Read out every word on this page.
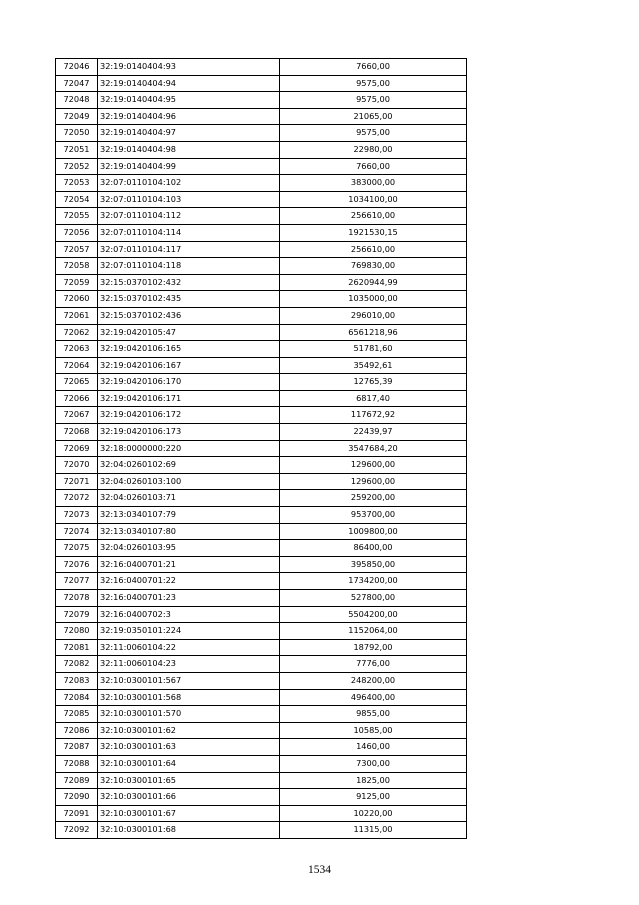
72046	32:19:0140404:93	7660,00
72047	32:19:0140404:94	9575,00
72048	32:19:0140404:95	9575,00
72049	32:19:0140404:96	21065,00
72050	32:19:0140404:97	9575,00
72051	32:19:0140404:98	22980,00
72052	32:19:0140404:99	7660,00
72053	32:07:0110104:102	383000,00
72054	32:07:0110104:103	1034100,00
72055	32:07:0110104:112	256610,00
72056	32:07:0110104:114	1921530,15
72057	32:07:0110104:117	256610,00
72058	32:07:0110104:118	769830,00
72059	32:15:0370102:432	2620944,99
72060	32:15:0370102:435	1035000,00
72061	32:15:0370102:436	296010,00
72062	32:19:0420105:47	6561218,96
72063	32:19:0420106:165	51781,60
72064	32:19:0420106:167	35492,61
72065	32:19:0420106:170	12765,39
72066	32:19:0420106:171	6817,40
72067	32:19:0420106:172	117672,92
72068	32:19:0420106:173	22439,97
72069	32:18:0000000:220	3547684,20
72070	32:04:0260102:69	129600,00
72071	32:04:0260103:100	129600,00
72072	32:04:0260103:71	259200,00
72073	32:13:0340107:79	953700,00
72074	32:13:0340107:80	1009800,00
72075	32:04:0260103:95	86400,00
72076	32:16:0400701:21	395850,00
72077	32:16:0400701:22	1734200,00
72078	32:16:0400701:23	527800,00
72079	32:16:0400702:3	5504200,00
72080	32:19:0350101:224	1152064,00
72081	32:11:0060104:22	18792,00
72082	32:11:0060104:23	7776,00
72083	32:10:0300101:567	248200,00
72084	32:10:0300101:568	496400,00
72085	32:10:0300101:570	9855,00
72086	32:10:0300101:62	10585,00
72087	32:10:0300101:63	1460,00
72088	32:10:0300101:64	7300,00
72089	32:10:0300101:65	1825,00
72090	32:10:0300101:66	9125,00
72091	32:10:0300101:67	10220,00
72092	32:10:0300101:68	11315,00
1534
